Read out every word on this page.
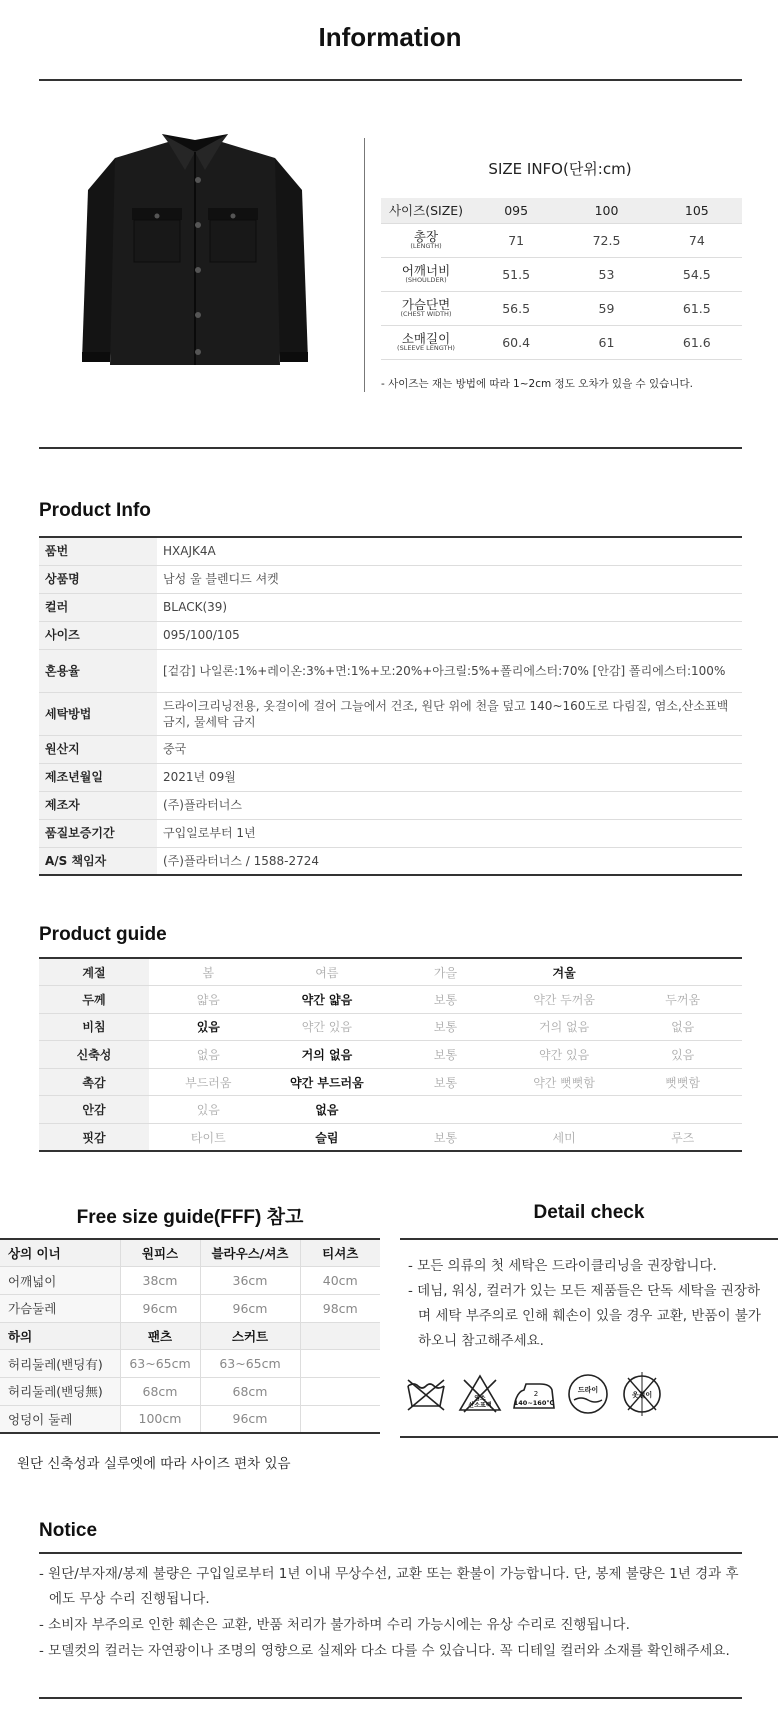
Information
SIZE INFO(단위:cm)
사이즈(SIZE)	095	100	105

총장
(LENGTH)	71	72.5	74

어깨너비
(SHOULDER)	51.5	53	54.5

가슴단면
(CHEST WIDTH)	56.5	59	61.5

소매길이
(SLEEVE LENGTH)	60.4	61	61.6
- 사이즈는 재는 방법에 따라 1~2cm 정도 오차가 있을 수 있습니다.
Product Info
품번	HXAJK4A
상품명	남성 울 블렌디드 셔켓
컬러	BLACK(39)
사이즈	095/100/105
혼용율	[겉감] 나일론:1%+레이온:3%+면:1%+모:20%+아크릴:5%+폴리에스터:70% [안감] 폴리에스터:100%
세탁방법	드라이크리닝전용, 옷걸이에 걸어 그늘에서 건조, 원단 위에 천을 덮고 140~160도로 다림질, 염소,산소표백 금지, 물세탁 금지
원산지	중국
제조년월일	2021년 09월
제조자	(주)플라터너스
품질보증기간	구입일로부터 1년
A/S 책임자	(주)플라터너스 / 1588-2724
Product guide
계절	봄	여름	가을	겨울	
두께	얇음	약간 얇음	보통	약간 두꺼움	두꺼움
비침	있음	약간 있음	보통	거의 없음	없음
신축성	없음	거의 없음	보통	약간 있음	있음
촉감	부드러움	약간 부드러움	보통	약간 뻣뻣함	뻣뻣함
안감	있음	없음			
핏감	타이트	슬림	보통	세미	루즈
Free size guide(FFF) 참고
상의 이너	원피스	블라우스/셔츠	티셔츠
어깨넓이	38cm	36cm	40cm
가슴둘레	96cm	96cm	98cm
하의	팬츠	스커트	
허리둘레(밴딩有)	63~65cm	63~65cm	
허리둘레(밴딩無)	68cm	68cm	
엉덩이 둘레	100cm	96cm	
원단 신축성과 실루엣에 따라 사이즈 편차 있음
Detail check
- 모든 의류의 첫 세탁은 드라이클리닝을 권장합니다.
- 데님, 워싱, 컬러가 있는 모든 제품들은 단독 세탁을 권장하며 세탁 부주의로 인해 훼손이 있을 경우 교환, 반품이 불가하오니 참고해주세요.
염소
산소표백
2
140~160℃
드라이
옷걸이
Notice
- 원단/부자재/봉제 불량은 구입일로부터 1년 이내 무상수선, 교환 또는 환불이 가능합니다. 단, 봉제 불량은 1년 경과 후에도 무상 수리 진행됩니다.
- 소비자 부주의로 인한 훼손은 교환, 반품 처리가 불가하며 수리 가능시에는 유상 수리로 진행됩니다.
- 모델컷의 컬러는 자연광이나 조명의 영향으로 실제와 다소 다를 수 있습니다. 꼭 디테일 컬러와 소재를 확인해주세요.
